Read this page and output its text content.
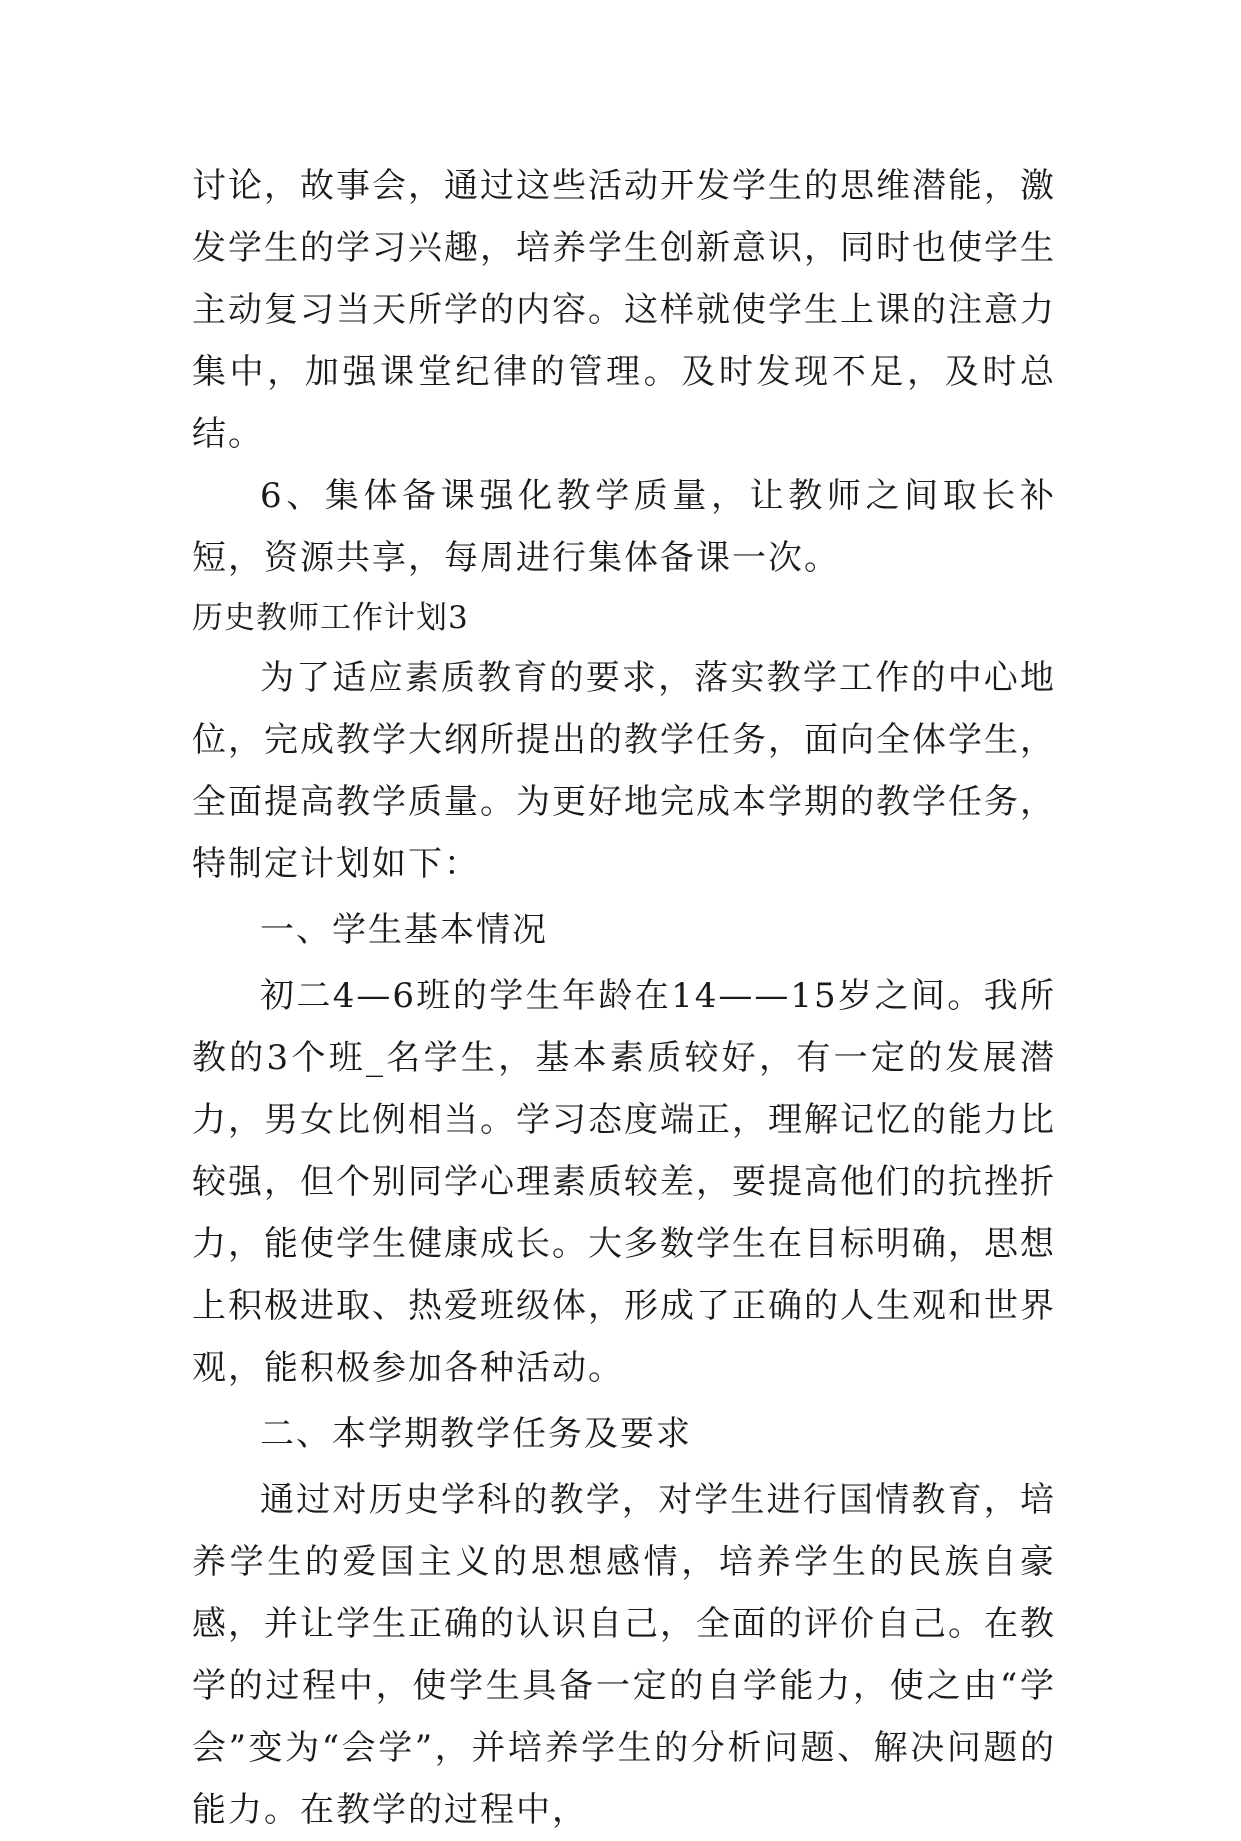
讨论，故事会，通过这些活动开发学生的思维潜能，激发学生的学习兴趣，培养学生创新意识，同时也使学生主动复习当天所学的内容。这样就使学生上课的注意力集中，加强课堂纪律的管理。及时发现不足，及时总结。

6、集体备课强化教学质量，让教师之间取长补短，资源共享，每周进行集体备课一次。

历史教师工作计划3

为了适应素质教育的要求，落实教学工作的中心地位，完成教学大纲所提出的教学任务，面向全体学生，全面提高教学质量。为更好地完成本学期的教学任务，特制定计划如下：

一、学生基本情况

初二4—6班的学生年龄在14——15岁之间。我所教的3个班_名学生，基本素质较好，有一定的发展潜力，男女比例相当。学习态度端正，理解记忆的能力比较强，但个别同学心理素质较差，要提高他们的抗挫折力，能使学生健康成长。大多数学生在目标明确，思想上积极进取、热爱班级体，形成了正确的人生观和世界观，能积极参加各种活动。

二、本学期教学任务及要求

通过对历史学科的教学，对学生进行国情教育，培养学生的爱国主义的思想感情，培养学生的民族自豪感，并让学生正确的认识自己，全面的评价自己。在教学的过程中，使学生具备一定的自学能力，使之由“学会”变为“会学”，并培养学生的分析问题、解决问题的能力。在教学的过程中，
